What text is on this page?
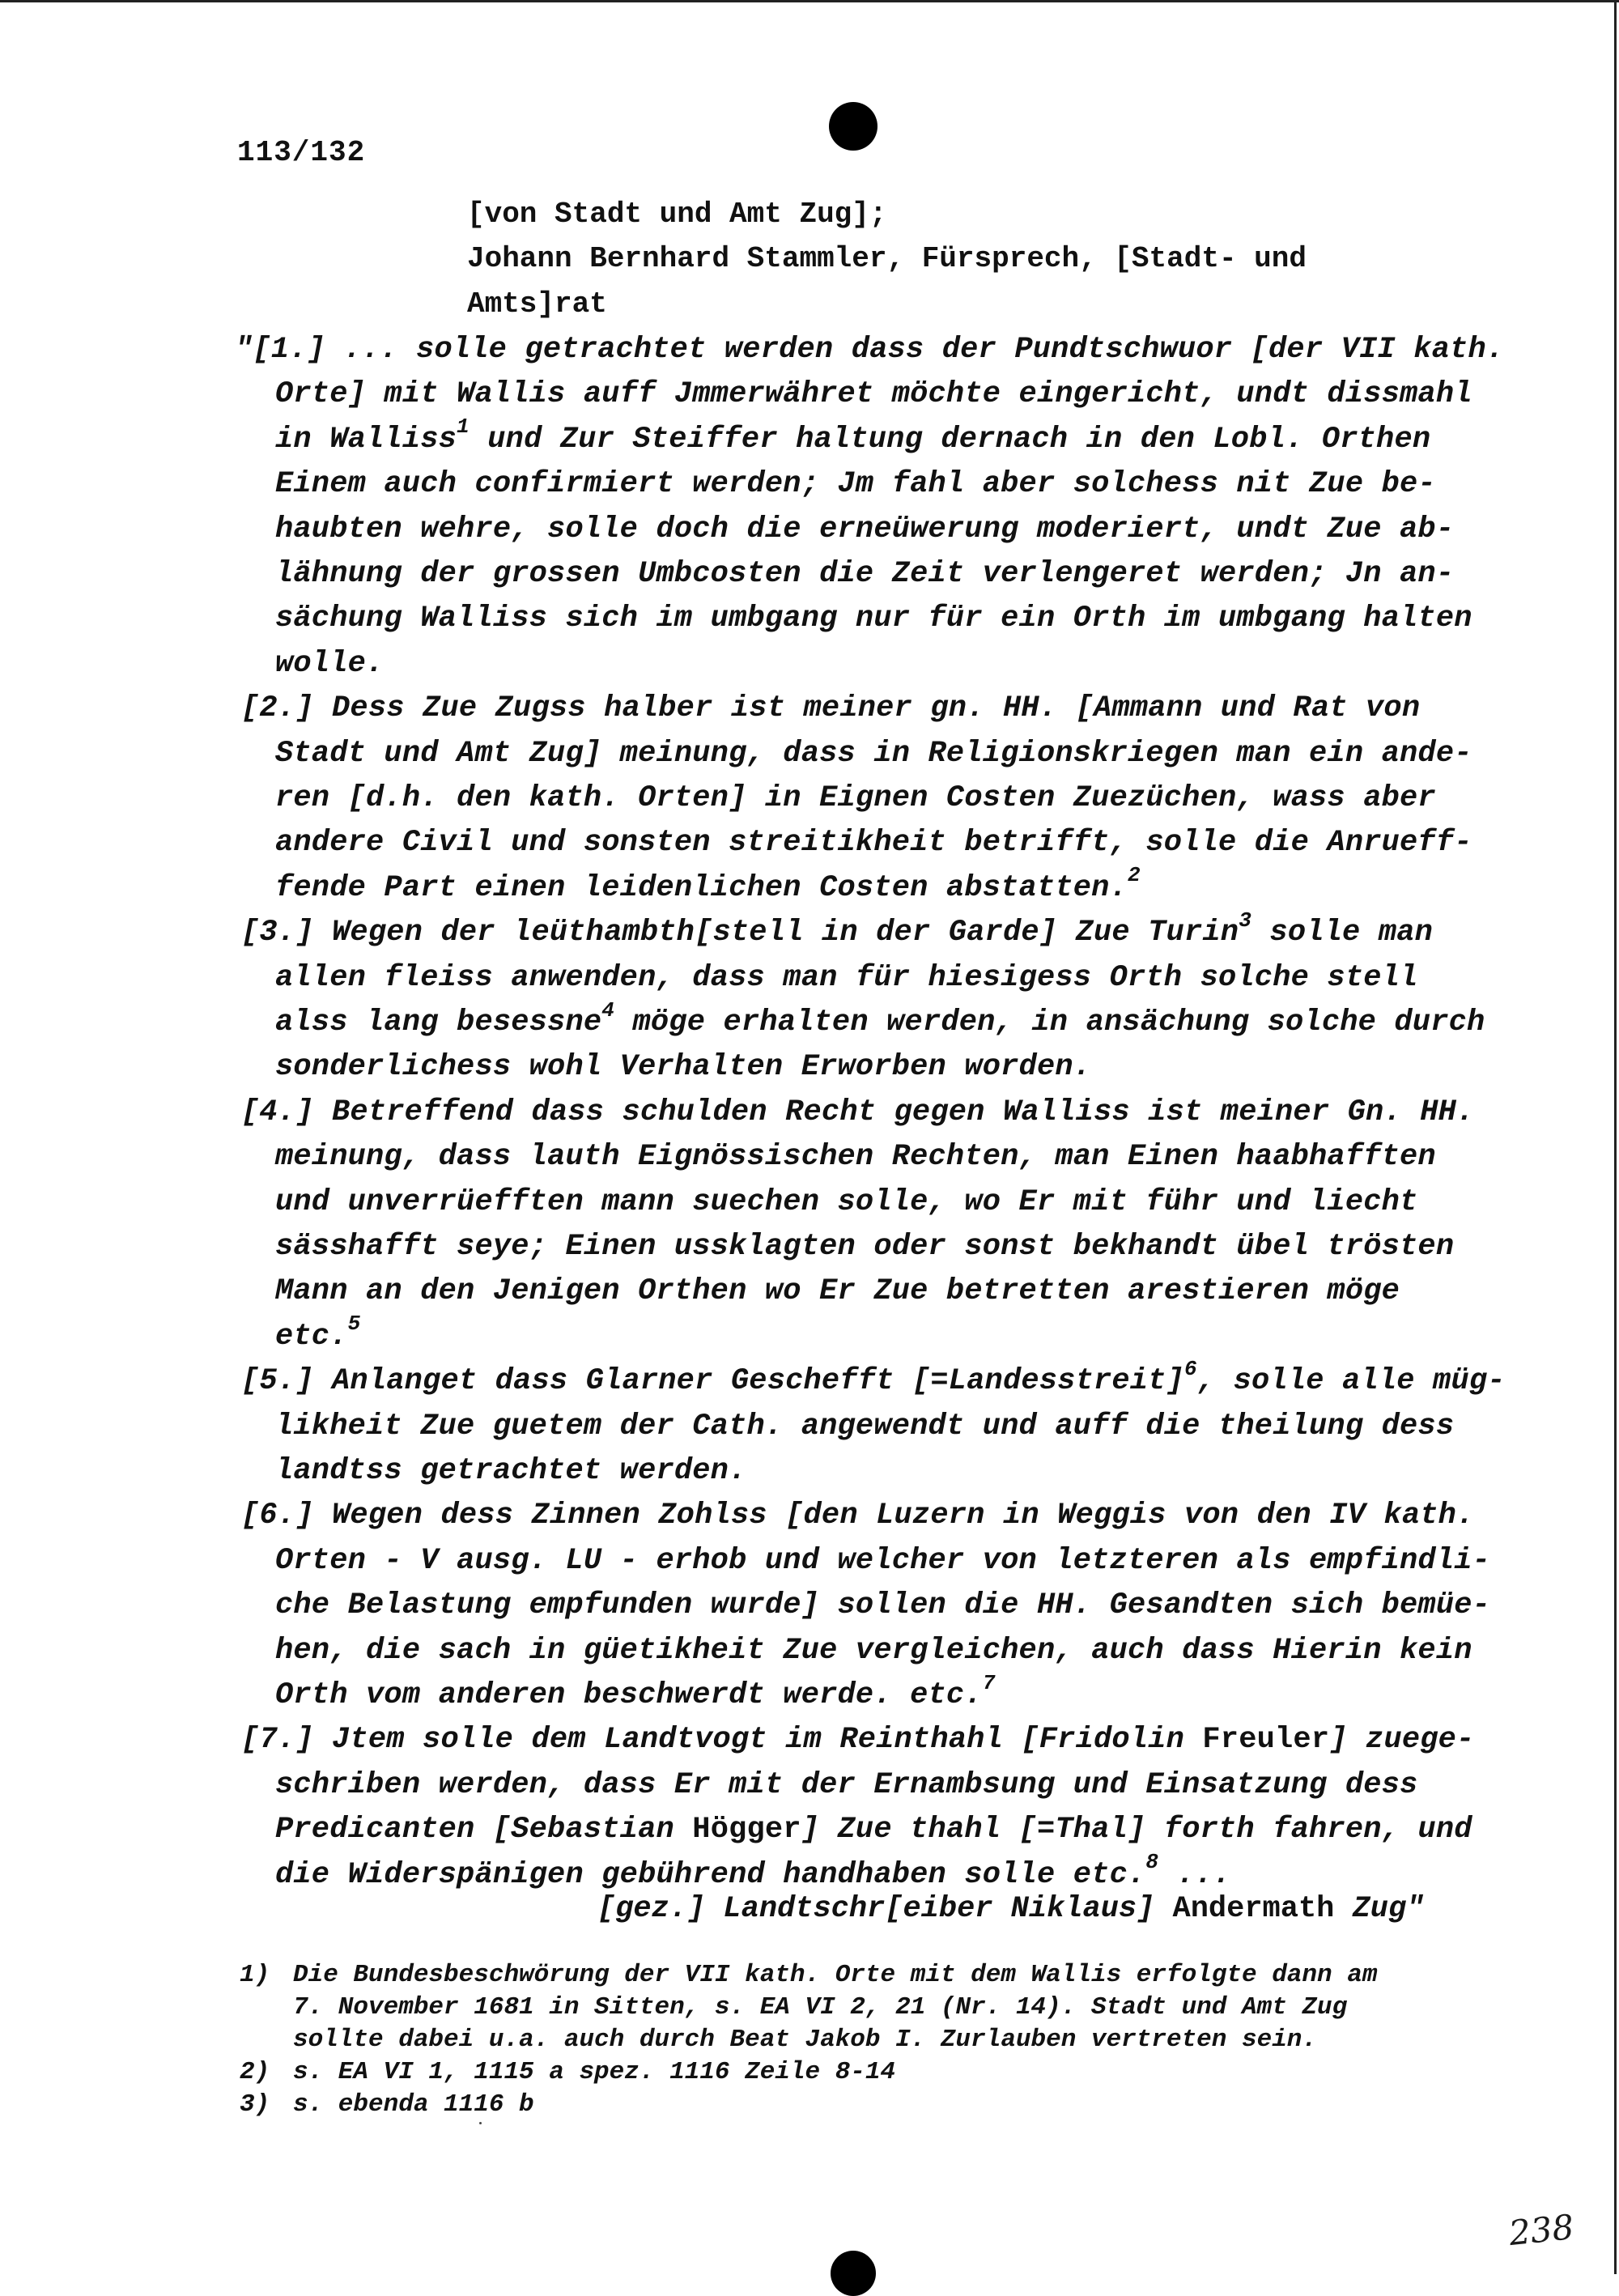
113/132
[von Stadt und Amt Zug];
Johann Bernhard Stammler, Fürsprech, [Stadt- und
Amts]rat
"[1.] ... solle getrachtet werden dass der Pundtschwuor [der VII kath.
Orte] mit Wallis auff Jmmerwähret möchte eingericht, undt dissmahl
in Walliss$^1$ und Zur Steiffer haltung dernach in den Lobl. Orthen
Einem auch confirmiert werden; Jm fahl aber solchess nit Zue be-
haubten wehre, solle doch die erneüwerung moderiert, undt Zue ab-
lähnung der grossen Umbcosten die Zeit verlengeret werden; Jn an-
sächung Walliss sich im umbgang nur für ein Orth im umbgang halten
wolle.
[2.] Dess Zue Zugss halber ist meiner gn. HH. [Ammann und Rat von
Stadt und Amt Zug] meinung, dass in Religionskriegen man ein ande-
ren [d.h. den kath. Orten] in Eignen Costen Zuezüchen, wass aber
andere Civil und sonsten streitikheit betrifft, solle die Anrueff-
fende Part einen leidenlichen Costen abstatten.$^2$
[3.] Wegen der leüthambth[stell in der Garde] Zue Turin$^3$ solle man
allen fleiss anwenden, dass man für hiesigess Orth solche stell
alss lang besessne$^4$ möge erhalten werden, in ansächung solche durch
sonderlichess wohl Verhalten Erworben worden.
[4.] Betreffend dass schulden Recht gegen Walliss ist meiner Gn. HH.
meinung, dass lauth Eignössischen Rechten, man Einen haabhafften
und unverrüefften mann suechen solle, wo Er mit führ und liecht
sässhafft seye; Einen ussklagten oder sonst bekhandt übel trösten
Mann an den Jenigen Orthen wo Er Zue betretten arestieren möge
etc.$^5$
[5.] Anlanget dass Glarner Geschefft [=Landesstreit]$^6$, solle alle müg-
likheit Zue guetem der Cath. angewendt und auff die theilung dess
landtss getrachtet werden.
[6.] Wegen dess Zinnen Zohlss [den Luzern in Weggis von den IV kath.
Orten - V ausg. LU - erhob und welcher von letzteren als empfindli-
che Belastung empfunden wurde] sollen die HH. Gesandten sich bemüe-
hen, die sach in güetikheit Zue vergleichen, auch dass Hierin kein
Orth vom anderen beschwerdt werde. etc.$^7$
[7.] Jtem solle dem Landtvogt im Reinthahl [Fridolin Freuler] zuege-
schriben werden, dass Er mit der Ernambsung und Einsatzung dess
Predicanten [Sebastian Högger] Zue thahl [=Thal] forth fahren, und
die Widerspänigen gebührend handhaben solle etc.$^8$ ...
[gez.] Landtschr[eiber Niklaus] Andermath Zug"
1) Die Bundesbeschwörung der VII kath. Orte mit dem Wallis erfolgte dann am
7. November 1681 in Sitten, s. EA VI 2, 21 (Nr. 14). Stadt und Amt Zug
sollte dabei u.a. auch durch Beat Jakob I. Zurlauben vertreten sein.
2) s. EA VI 1, 1115 a spez. 1116 Zeile 8-14
3) s. ebenda 1116 b
238
